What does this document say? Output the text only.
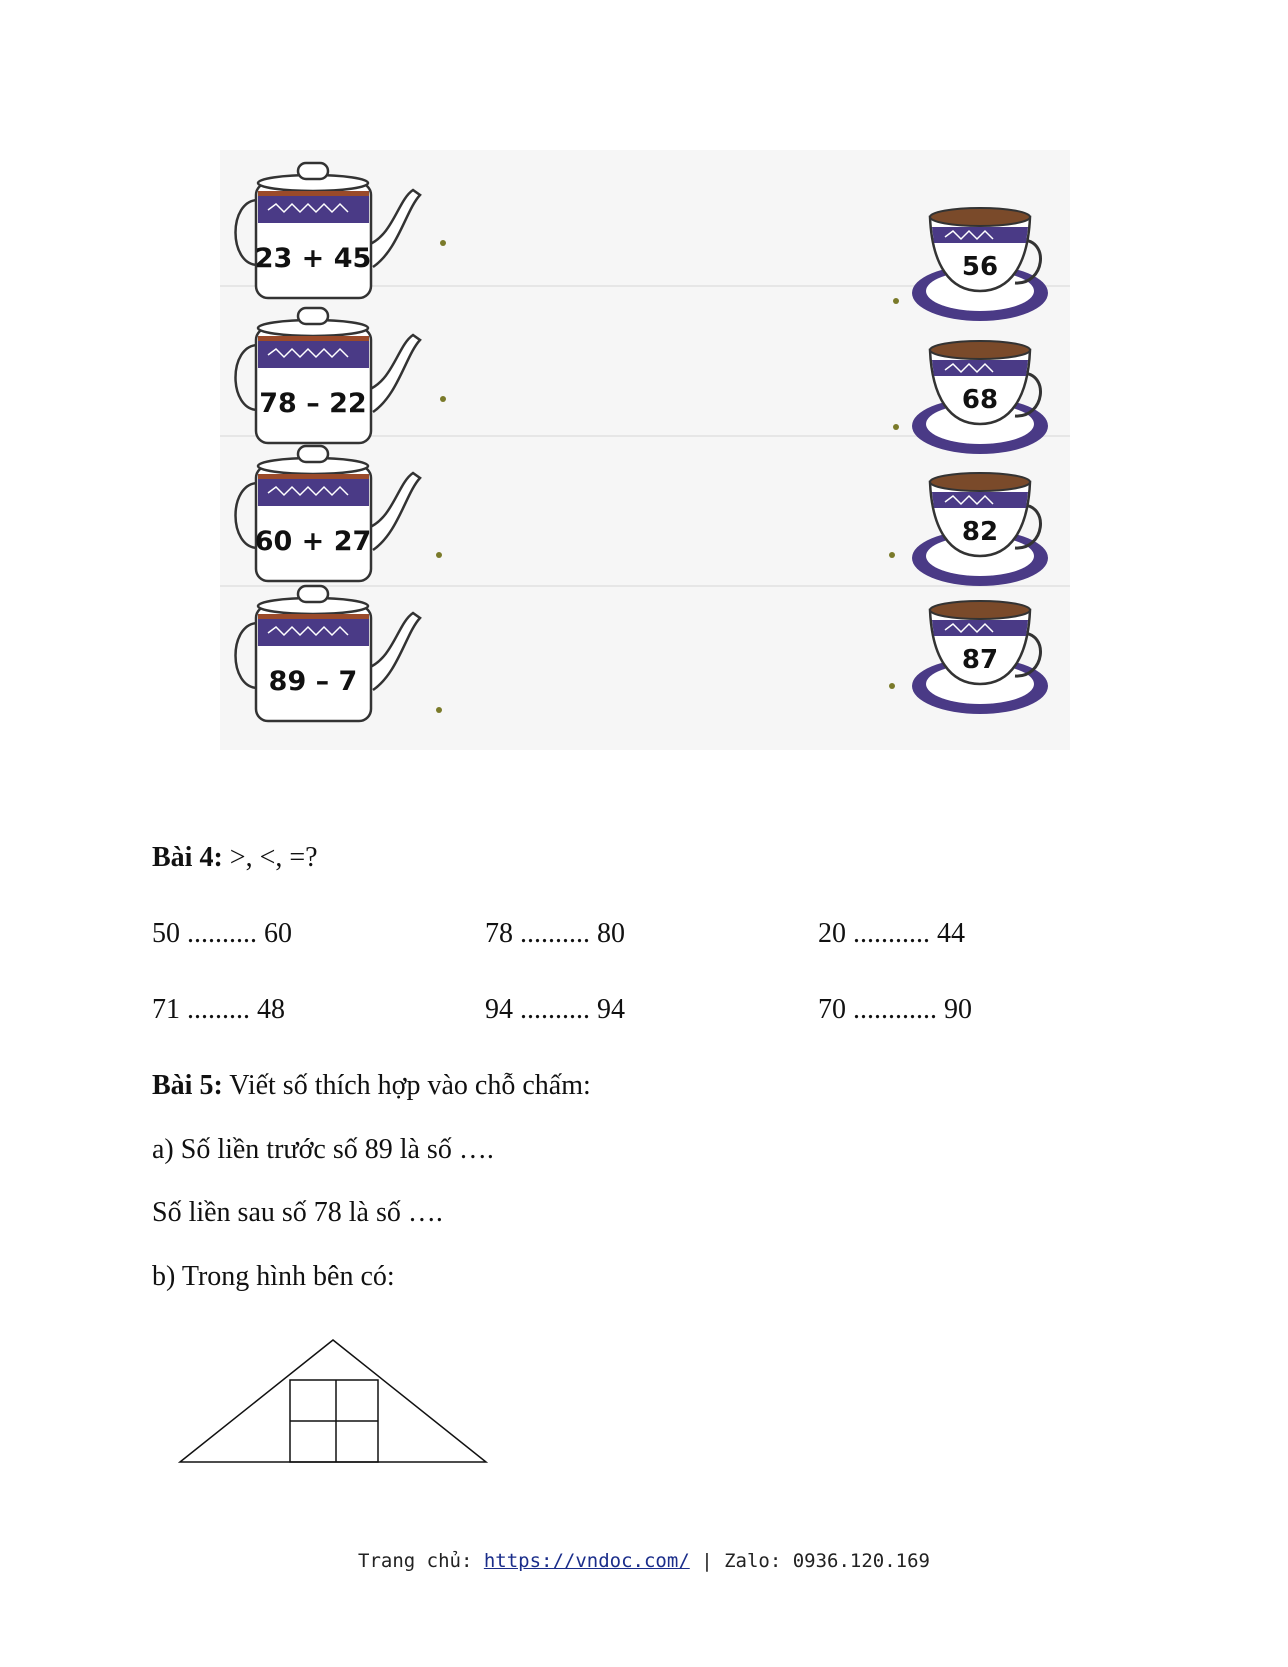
23 + 45
78 – 22
60 + 27
89 – 7
56
68
82
87
Bài 4: >, <, =?
50 .......... 60	78 .......... 80	20 ........... 44
71 ......... 48	94 .......... 94	70 ............ 90
Bài 5: Viết số thích hợp vào chỗ chấm:
a) Số liền trước số 89 là số ….
Số liền sau số 78 là số ….
b) Trong hình bên có:
Trang chủ: https://vndoc.com/ | Zalo: 0936.120.169
